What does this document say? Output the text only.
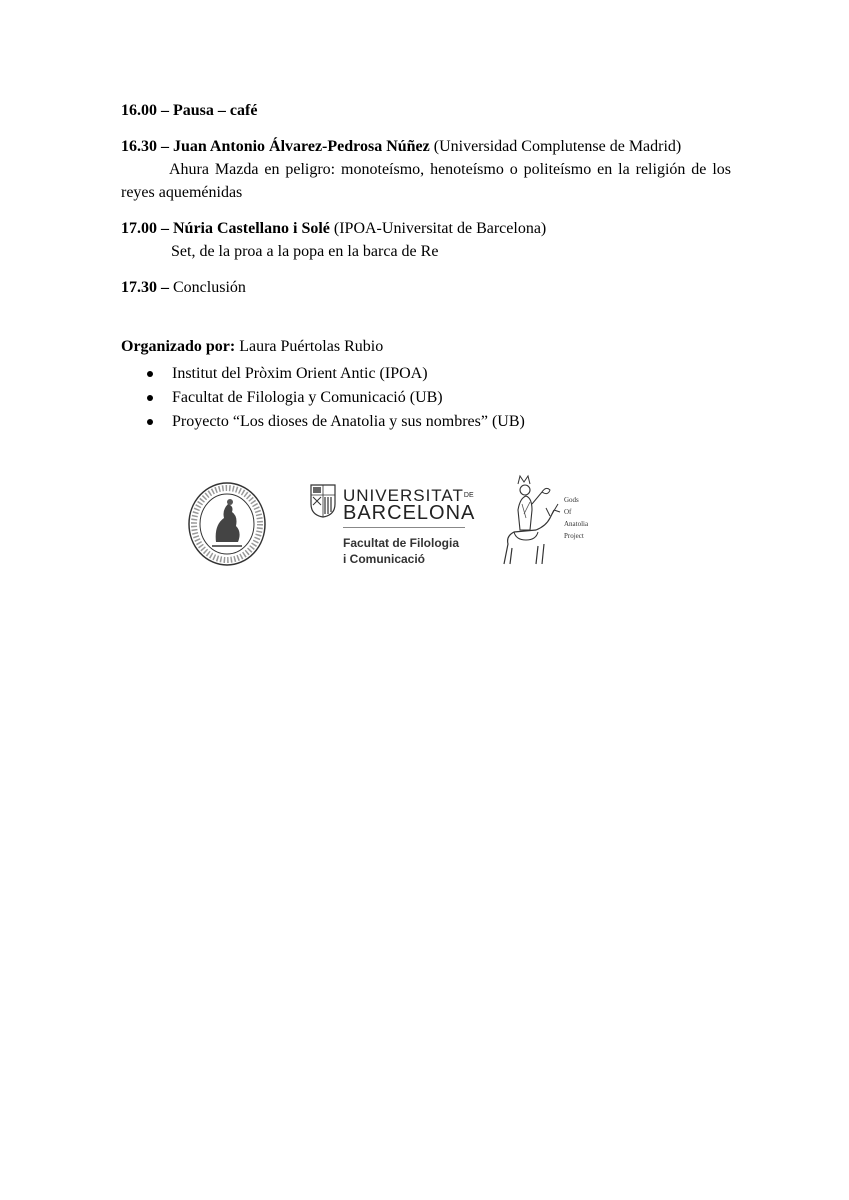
16.00 – Pausa – café
16.30 – Juan Antonio Álvarez-Pedrosa Núñez (Universidad Complutense de Madrid)
Ahura Mazda en peligro: monoteísmo, henoteísmo o politeísmo en la religión de los reyes aqueménidas
17.00 – Núria Castellano i Solé (IPOA-Universitat de Barcelona)
Set, de la proa a la popa en la barca de Re
17.30 – Conclusión
Organizado por: Laura Puértolas Rubio
Institut del Pròxim Orient Antic (IPOA)
Facultat de Filologia y Comunicació (UB)
Proyecto “Los dioses de Anatolia y sus nombres” (UB)
$UNIVERSITAT^{DE}$
BARCELONA
Facultat de Filologia
i Comunicació
Gods
Of
Anatolia
Project
